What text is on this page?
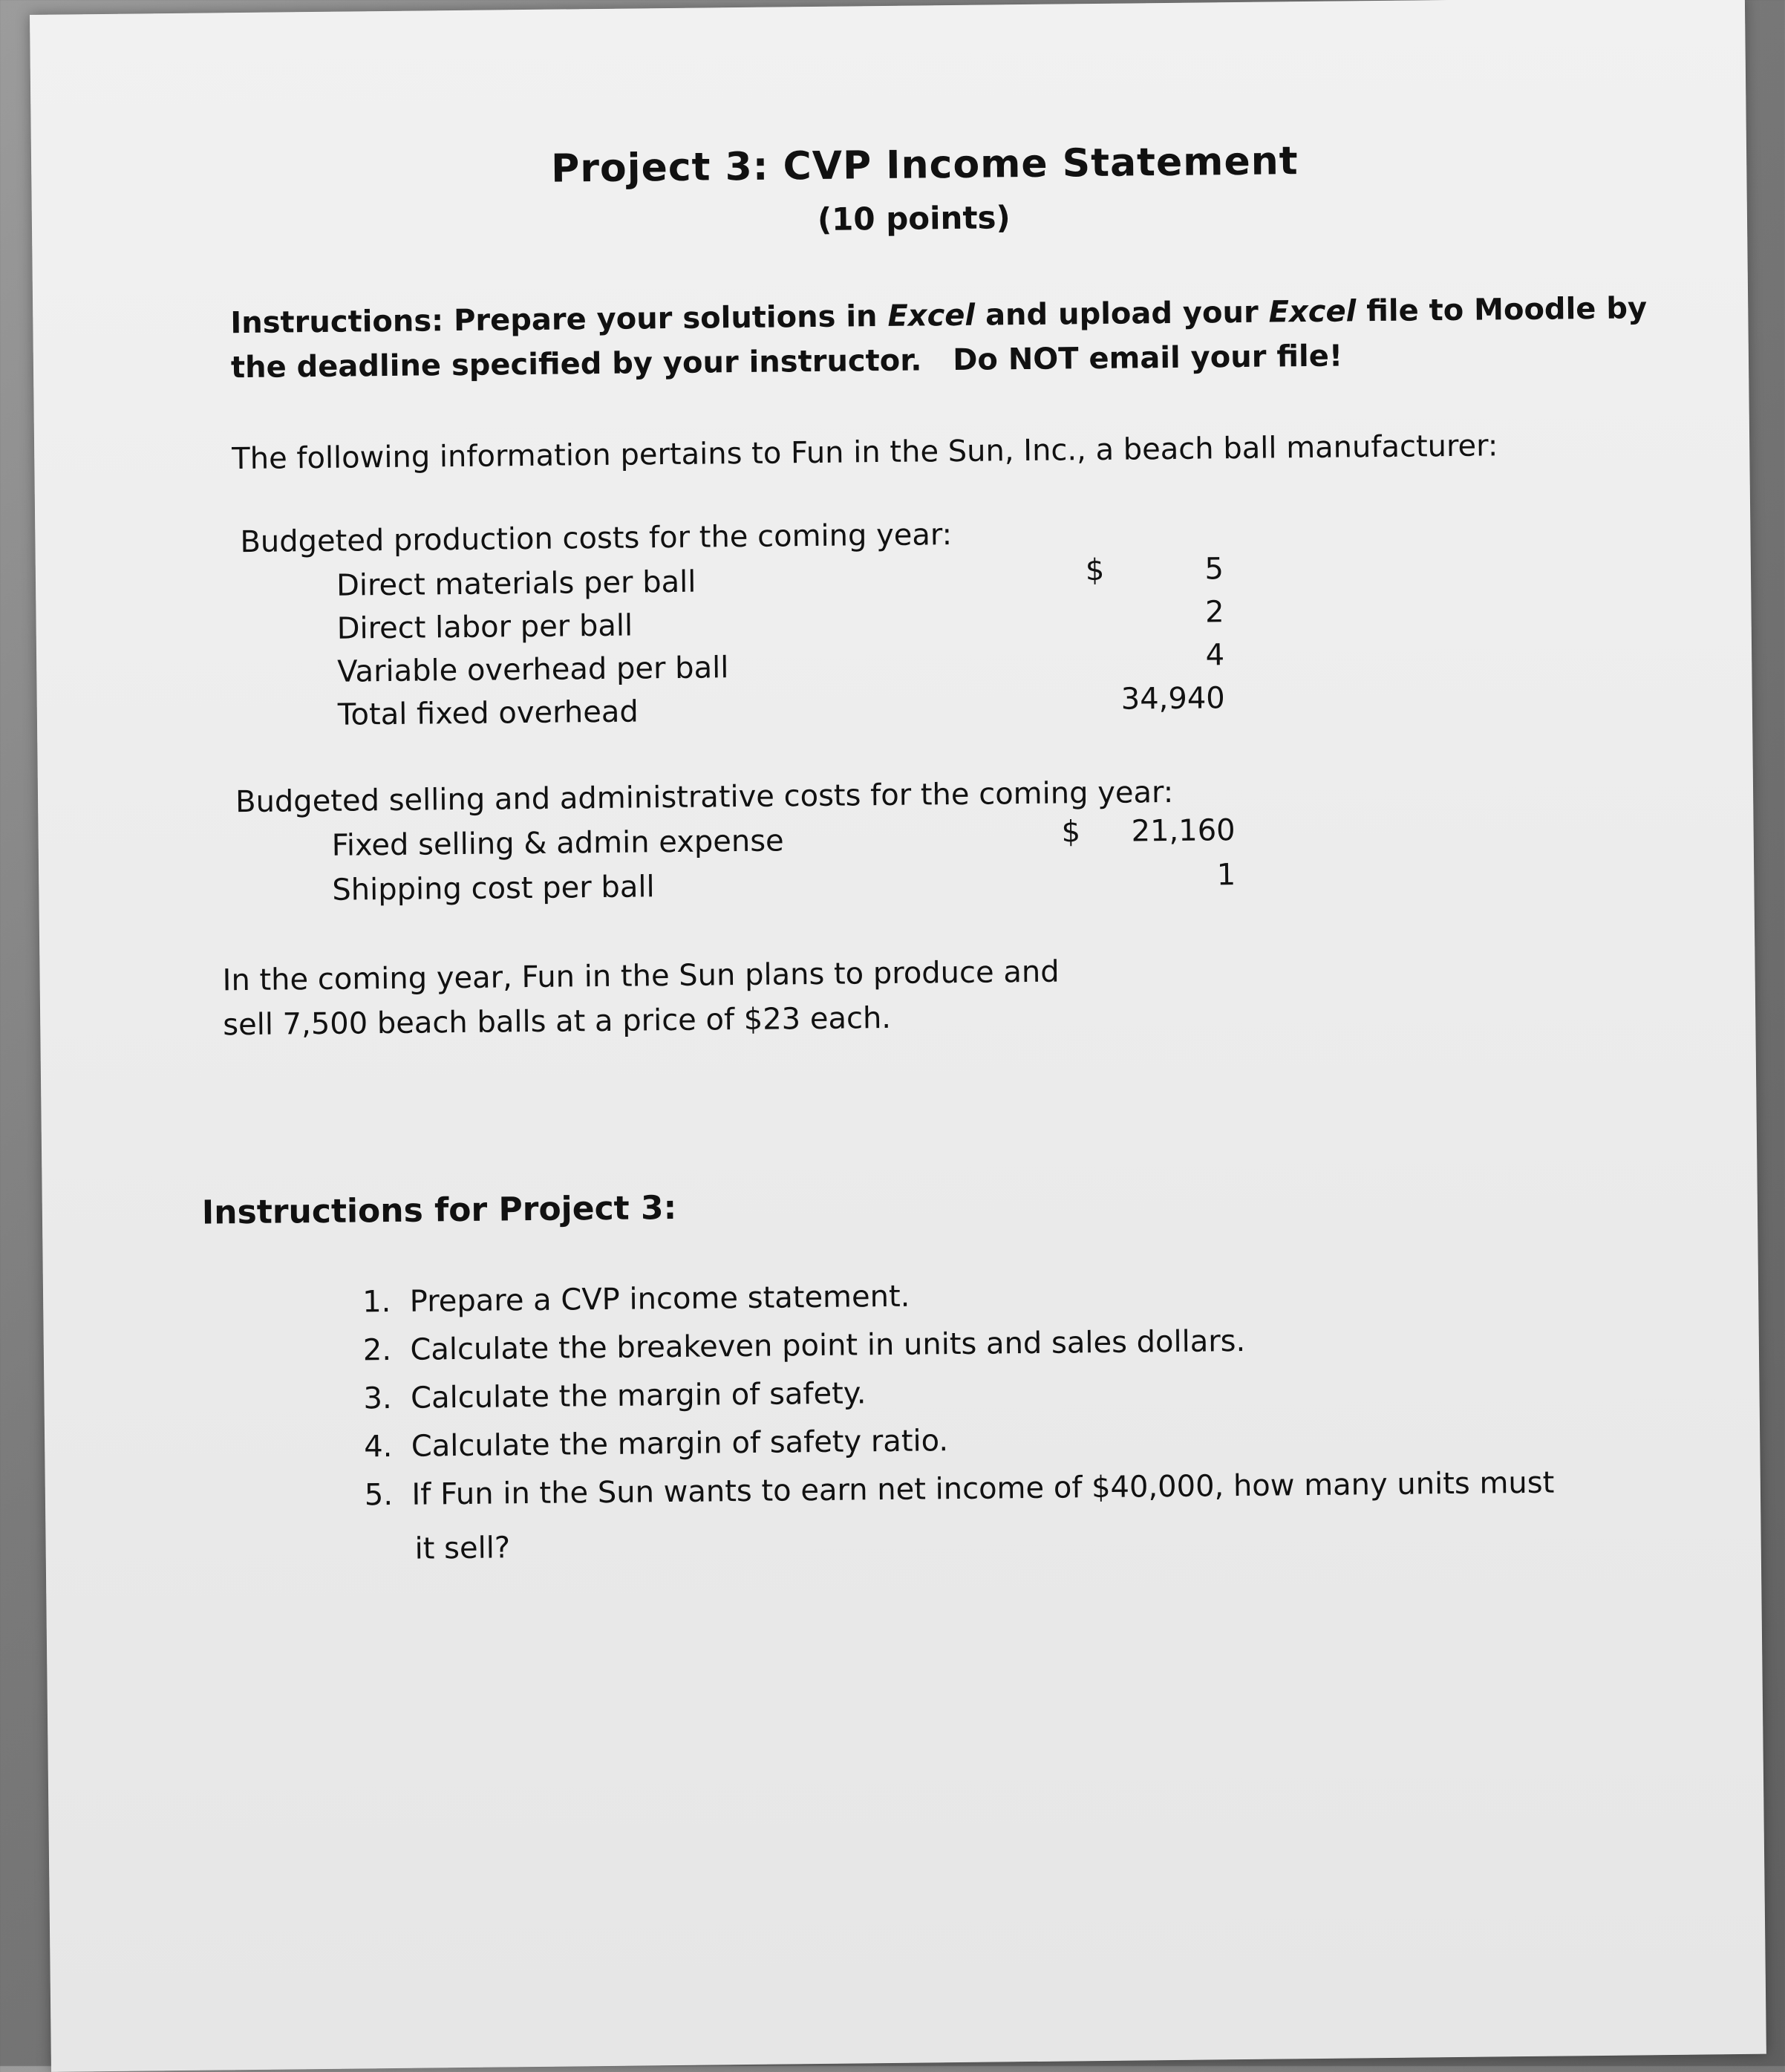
Project 3: CVP Income Statement
(10 points)
Instructions: Prepare your solutions in Excel and upload your Excel file to Moodle by
the deadline specified by your instructor. Do NOT email your file!
The following information pertains to Fun in the Sun, Inc., a beach ball manufacturer:
Budgeted production costs for the coming year:
$
Direct materials per ball	5
Direct labor per ball	2
Variable overhead per ball	4
Total fixed overhead	34,940
Budgeted selling and administrative costs for the coming year:
$
Fixed selling & admin expense	21,160
Shipping cost per ball	1
In the coming year, Fun in the Sun plans to produce and
sell 7,500 beach balls at a price of $23 each.
Instructions for Project 3:
1. Prepare a CVP income statement.
2. Calculate the breakeven point in units and sales dollars.
3. Calculate the margin of safety.
4. Calculate the margin of safety ratio.
5. If Fun in the Sun wants to earn net income of $40,000, how many units must
it sell?
